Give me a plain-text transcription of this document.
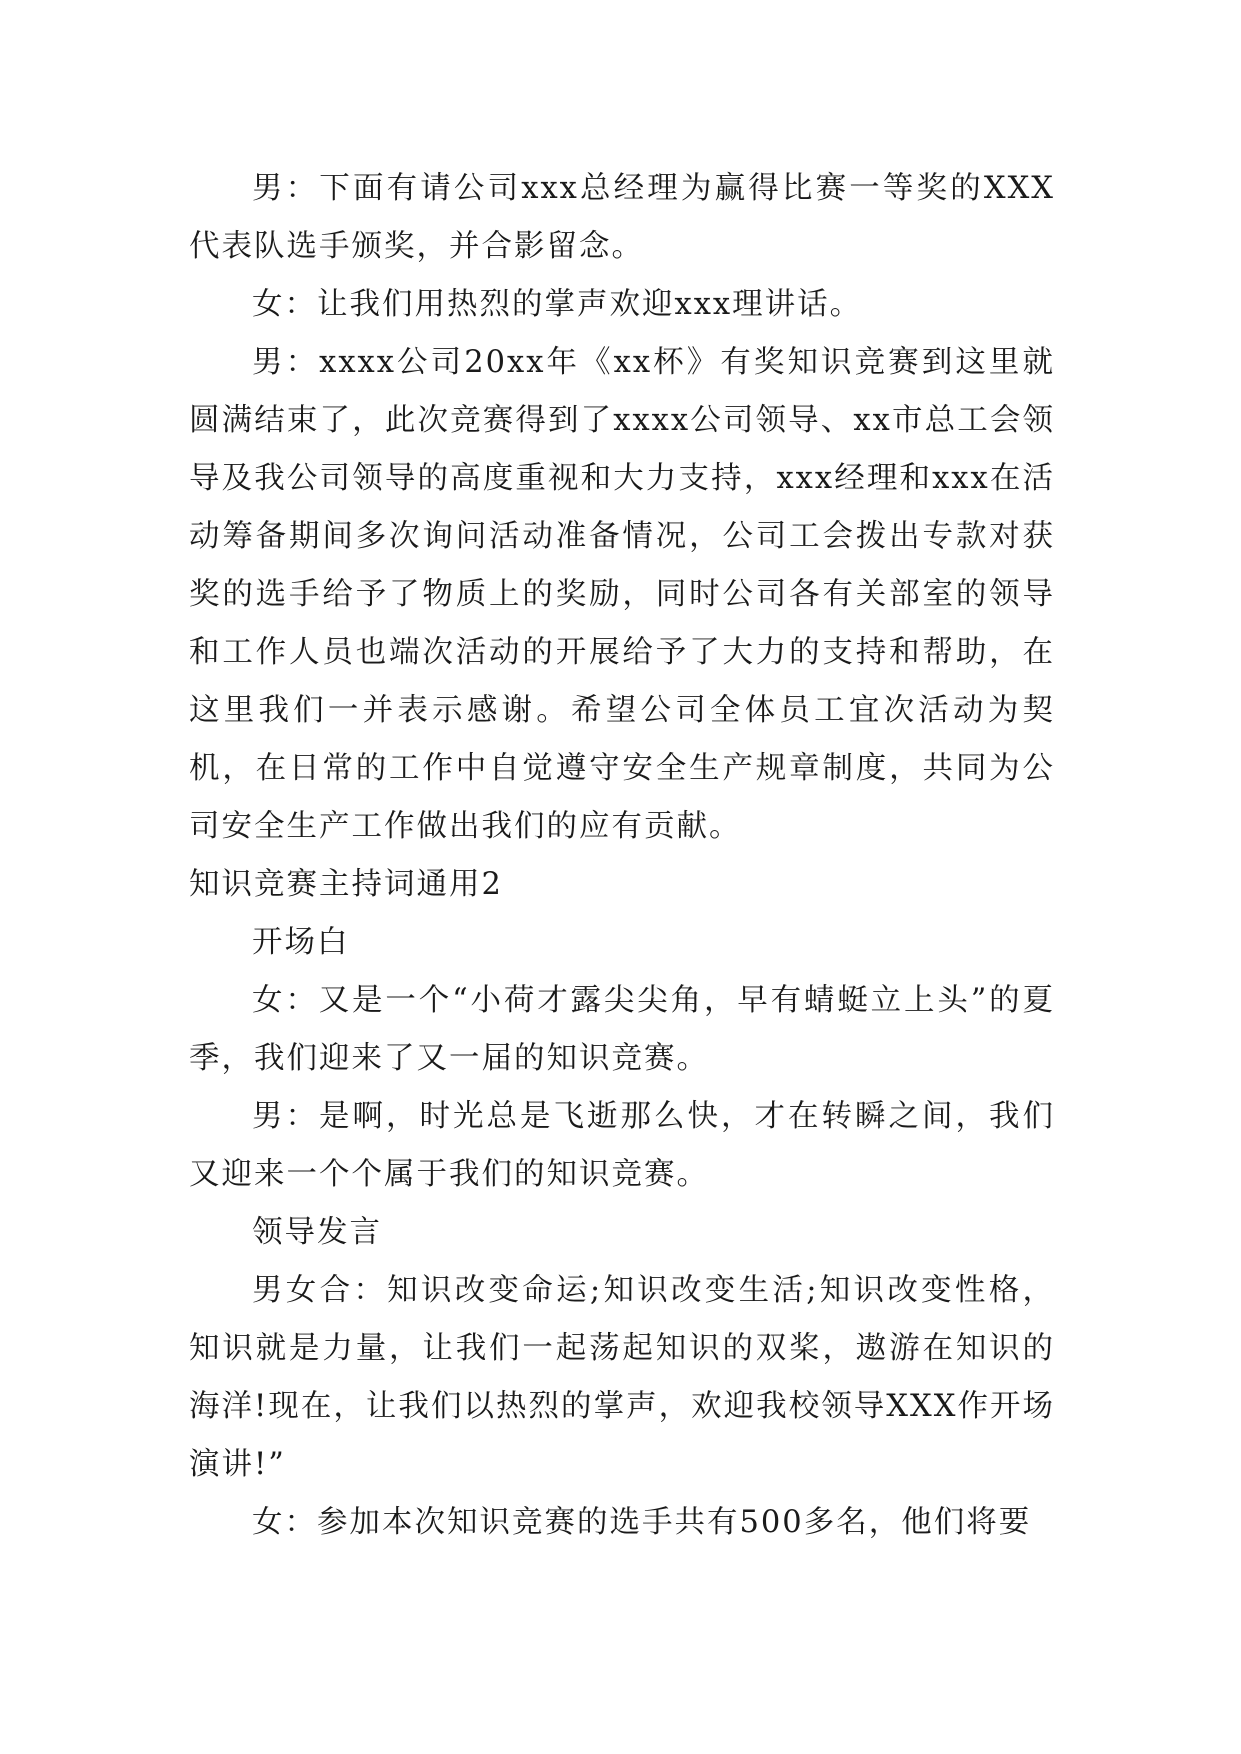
男：下面有请公司xxx总经理为赢得比赛一等奖的XXX代表队选手颁奖，并合影留念。

女：让我们用热烈的掌声欢迎xxx理讲话。

男：xxxx公司20xx年《xx杯》有奖知识竞赛到这里就圆满结束了，此次竞赛得到了xxxx公司领导、xx市总工会领导及我公司领导的高度重视和大力支持，xxx经理和xxx在活动筹备期间多次询问活动准备情况，公司工会拨出专款对获奖的选手给予了物质上的奖励，同时公司各有关部室的领导和工作人员也端次活动的开展给予了大力的支持和帮助，在这里我们一并表示感谢。希望公司全体员工宜次活动为契机，在日常的工作中自觉遵守安全生产规章制度，共同为公司安全生产工作做出我们的应有贡献。

知识竞赛主持词通用2

开场白

女：又是一个“小荷才露尖尖角，早有蜻蜓立上头”的夏季，我们迎来了又一届的知识竞赛。

男：是啊，时光总是飞逝那么快，才在转瞬之间，我们又迎来一个个属于我们的知识竞赛。

领导发言

男女合：知识改变命运;知识改变生活;知识改变性格，知识就是力量，让我们一起荡起知识的双桨，遨游在知识的海洋!现在，让我们以热烈的掌声，欢迎我校领导XXX作开场演讲!”

女：参加本次知识竞赛的选手共有500多名，他们将要
